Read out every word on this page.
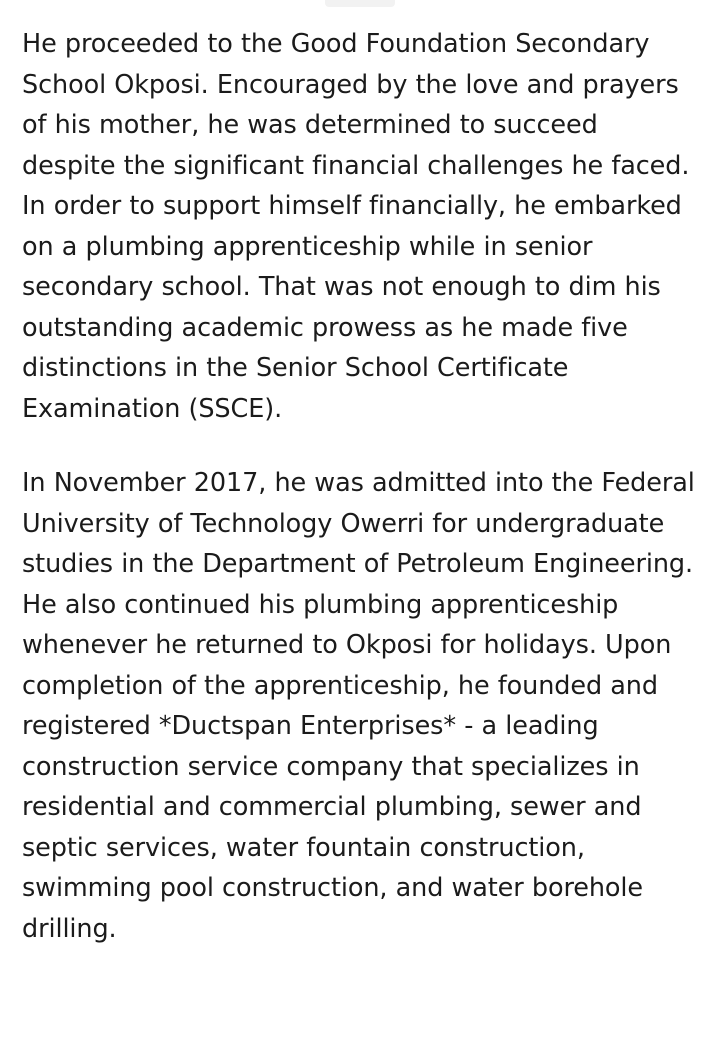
He proceeded to the Good Foundation Secondary School Okposi. Encouraged by the love and prayers of his mother, he was determined to succeed despite the significant financial challenges he faced. In order to support himself financially, he embarked on a plumbing apprenticeship while in senior secondary school. That was not enough to dim his outstanding academic prowess as he made five distinctions in the Senior School Certificate Examination (SSCE).

In November 2017, he was admitted into the Federal University of Technology Owerri for undergraduate studies in the Department of Petroleum Engineering. He also continued his plumbing apprenticeship whenever he returned to Okposi for holidays. Upon completion of the apprenticeship, he founded and registered *Ductspan Enterprises* - a leading construction service company that specializes in residential and commercial plumbing, sewer and septic services, water fountain construction, swimming pool construction, and water borehole drilling.
